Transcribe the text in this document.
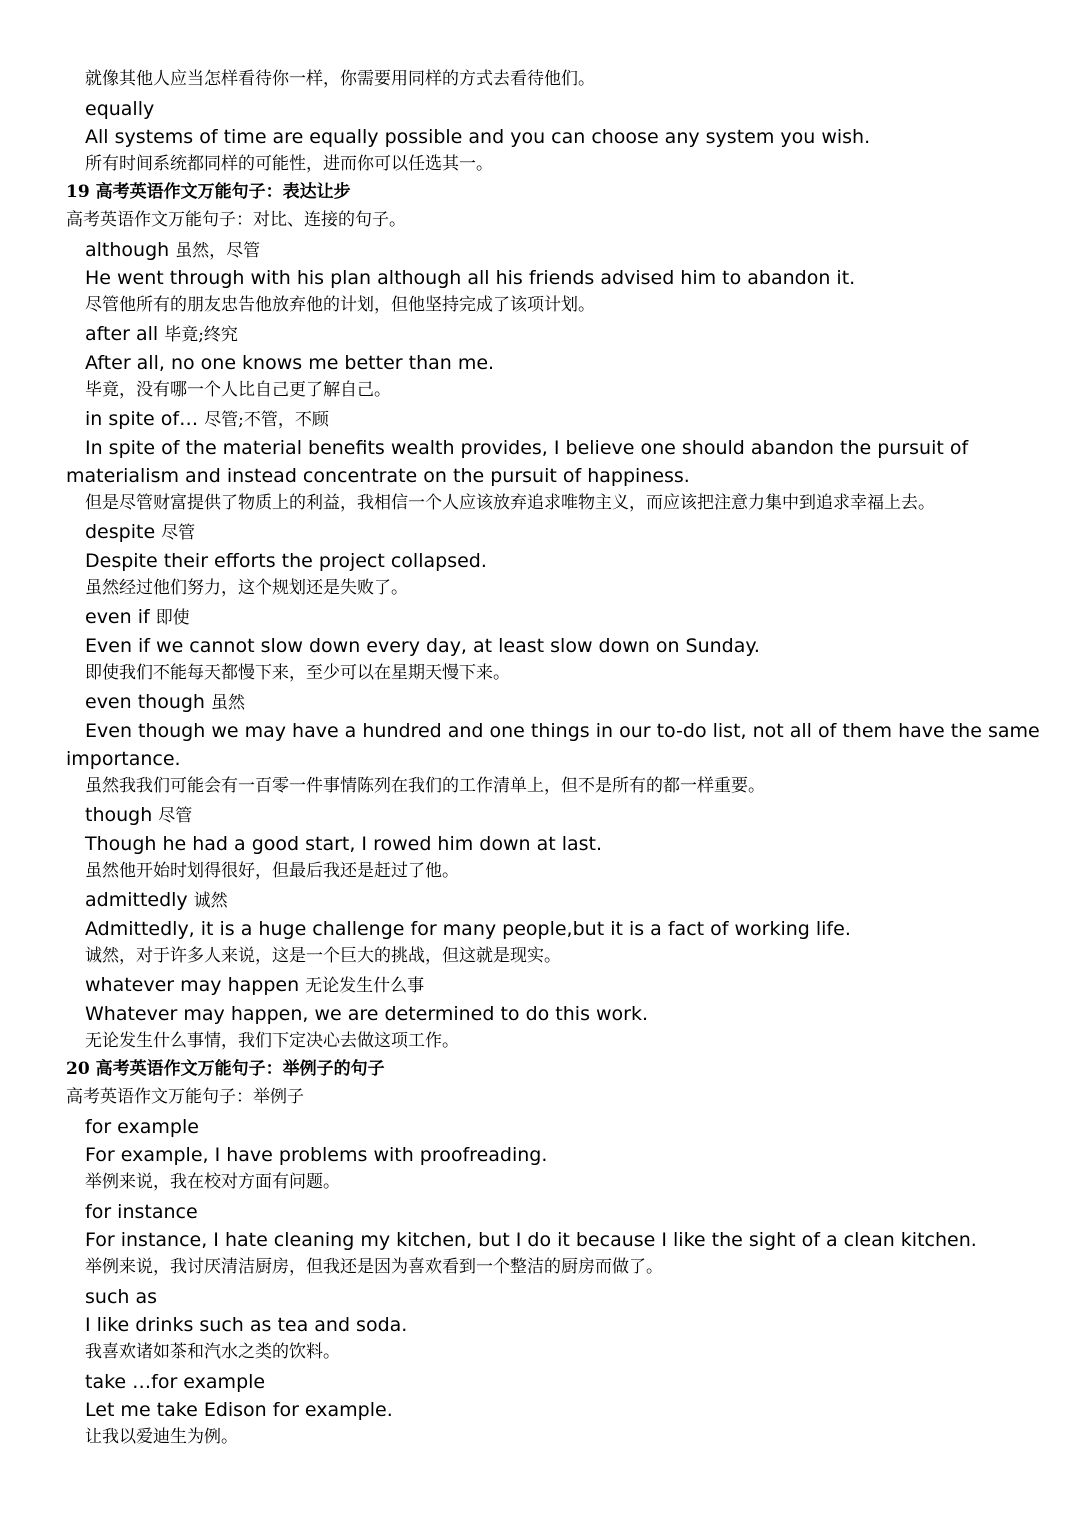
就像其他人应当怎样看待你一样，你需要用同样的方式去看待他们。
equally
All systems of time are equally possible and you can choose any system you wish.
所有时间系统都同样的可能性，进而你可以任选其一。
19 高考英语作文万能句子：表达让步
高考英语作文万能句子：对比、连接的句子。
although 虽然，尽管
He went through with his plan although all his friends advised him to abandon it.
尽管他所有的朋友忠告他放弃他的计划，但他坚持完成了该项计划。
after all 毕竟;终究
After all, no one knows me better than me.
毕竟，没有哪一个人比自己更了解自己。
in spite of… 尽管;不管，不顾
In spite of the material benefits wealth provides, I believe one should abandon the pursuit of
materialism and instead concentrate on the pursuit of happiness.
但是尽管财富提供了物质上的利益，我相信一个人应该放弃追求唯物主义，而应该把注意力集中到追求幸福上去。
despite 尽管
Despite their efforts the project collapsed.
虽然经过他们努力，这个规划还是失败了。
even if 即使
Even if we cannot slow down every day, at least slow down on Sunday.
即使我们不能每天都慢下来，至少可以在星期天慢下来。
even though 虽然
Even though we may have a hundred and one things in our to-do list, not all of them have the same
importance.
虽然我我们可能会有一百零一件事情陈列在我们的工作清单上，但不是所有的都一样重要。
though 尽管
Though he had a good start, I rowed him down at last.
虽然他开始时划得很好，但最后我还是赶过了他。
admittedly 诚然
Admittedly, it is a huge challenge for many people,but it is a fact of working life.
诚然，对于许多人来说，这是一个巨大的挑战，但这就是现实。
whatever may happen 无论发生什么事
Whatever may happen, we are determined to do this work.
无论发生什么事情，我们下定决心去做这项工作。
20 高考英语作文万能句子：举例子的句子
高考英语作文万能句子：举例子
for example
For example, I have problems with proofreading.
举例来说，我在校对方面有问题。
for instance
For instance, I hate cleaning my kitchen, but I do it because I like the sight of a clean kitchen.
举例来说，我讨厌清洁厨房，但我还是因为喜欢看到一个整洁的厨房而做了。
such as
I like drinks such as tea and soda.
我喜欢诸如茶和汽水之类的饮料。
take …for example
Let me take Edison for example.
让我以爱迪生为例。
